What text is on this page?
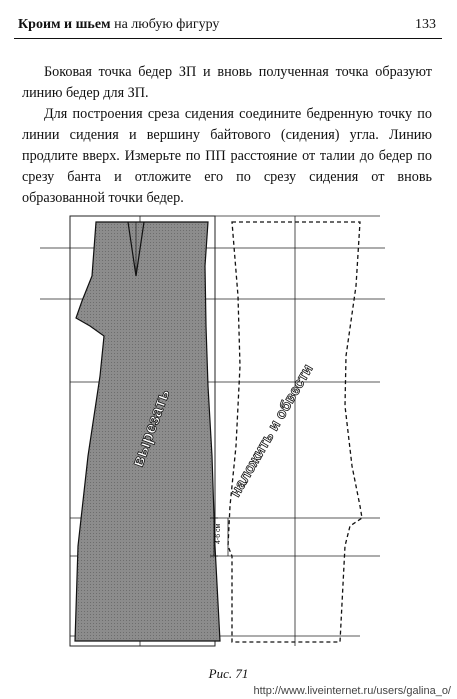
Кроим и шьем на любую фигуру	133

Боковая точка бедер ЗП и вновь полученная точка образуют линию бедер для ЗП.

Для построения среза сидения соедините бедренную точку по линии сидения и вершину байтового (сидения) угла. Линию продлите вверх. Измерьте по ПП расстояние от талии до бедер по срезу банта и отложите его по срезу сидения от вновь образованной точки бедер.

4-6 см
вырезать	наложить и обвести
Рис. 71
http://www.liveinternet.ru/users/galina_o/
